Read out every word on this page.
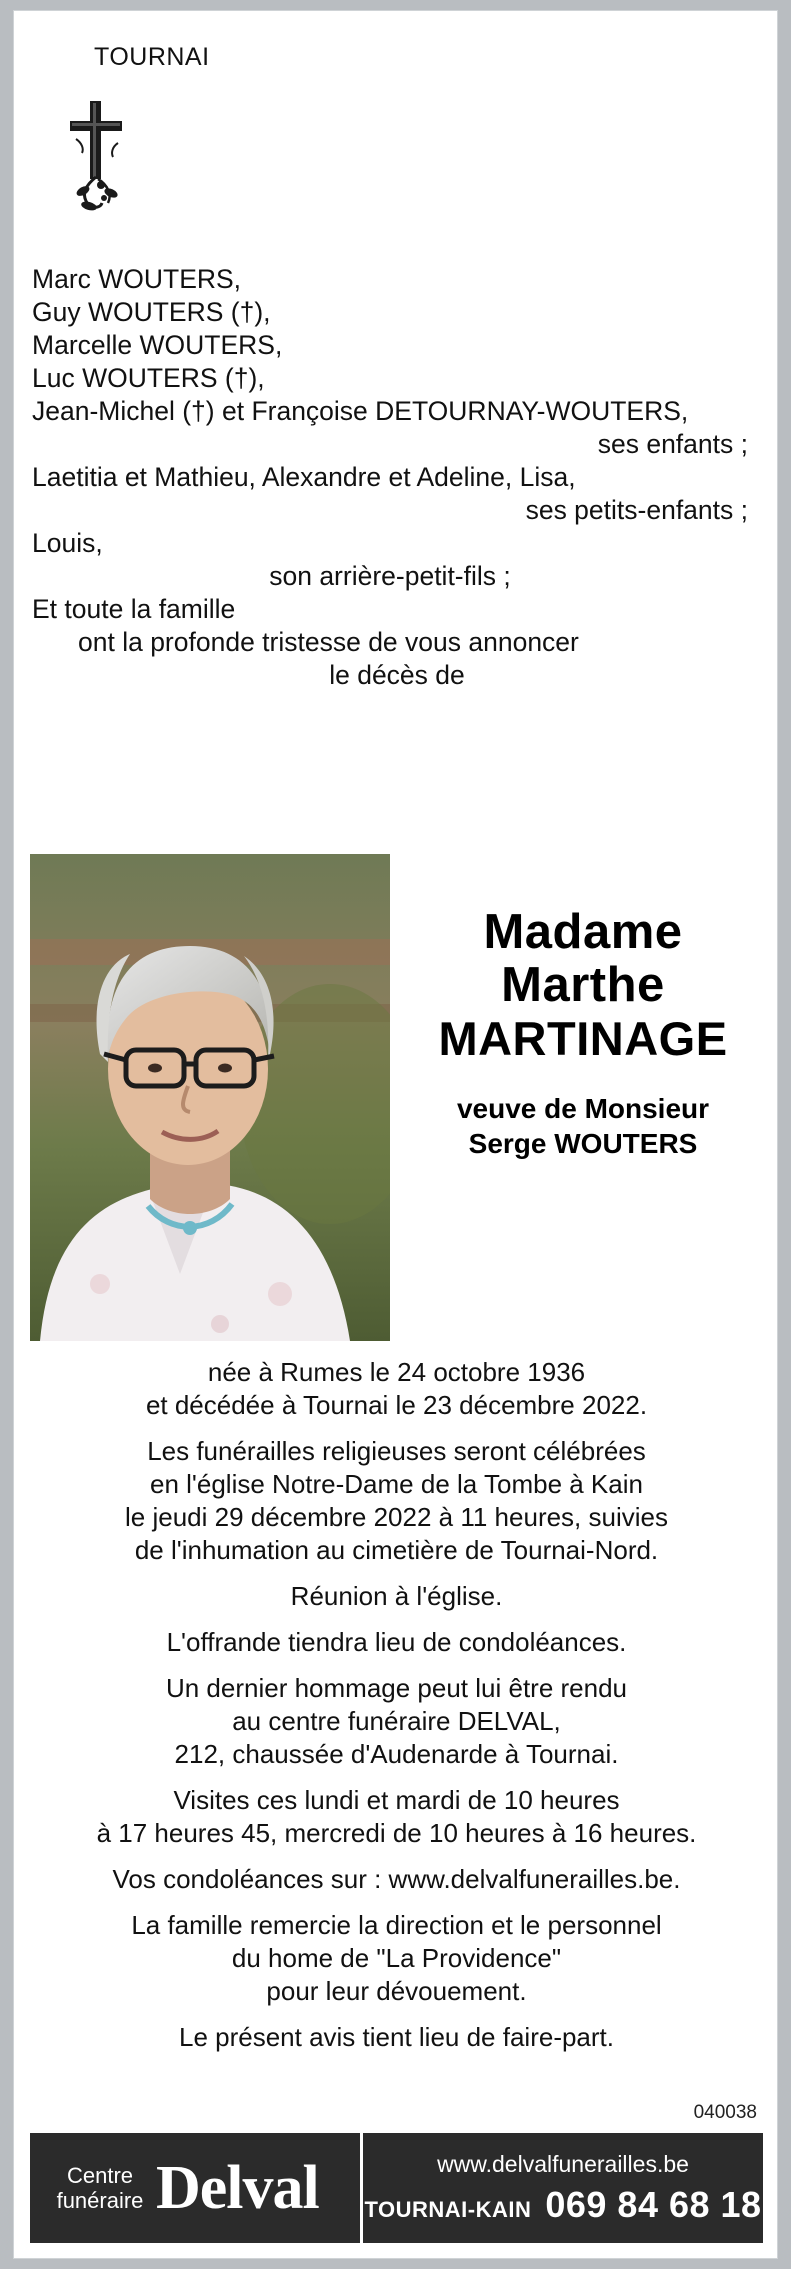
TOURNAI
Marc WOUTERS,
Guy WOUTERS (†),
Marcelle WOUTERS,
Luc WOUTERS (†),
Jean-Michel (†) et Françoise DETOURNAY-WOUTERS,
ses enfants ;
Laetitia et Mathieu, Alexandre et Adeline, Lisa,
ses petits-enfants ;
Louis,
son arrière-petit-fils ;
Et toute la famille
ont la profonde tristesse de vous annoncer
le décès de
Madame
Marthe
MARTINAGE
veuve de Monsieur
Serge WOUTERS

née à Rumes le 24 octobre 1936

et décédée à Tournai le 23 décembre 2022.

Les funérailles religieuses seront célébrées

en l'église Notre-Dame de la Tombe à Kain

le jeudi 29 décembre 2022 à 11 heures, suivies

de l'inhumation au cimetière de Tournai-Nord.

Réunion à l'église.

L'offrande tiendra lieu de condoléances.

Un dernier hommage peut lui être rendu

au centre funéraire DELVAL,

212, chaussée d'Audenarde à Tournai.

Visites ces lundi et mardi de 10 heures

à 17 heures 45, mercredi de 10 heures à 16 heures.

Vos condoléances sur : www.delvalfunerailles.be.

La famille remercie la direction et le personnel

du home de "La Providence"

pour leur dévouement.

Le présent avis tient lieu de faire-part.

040038
Centre
funéraire Delval	www.delvalfunerailles.be
TOURNAI-KAIN 069 84 68 18
